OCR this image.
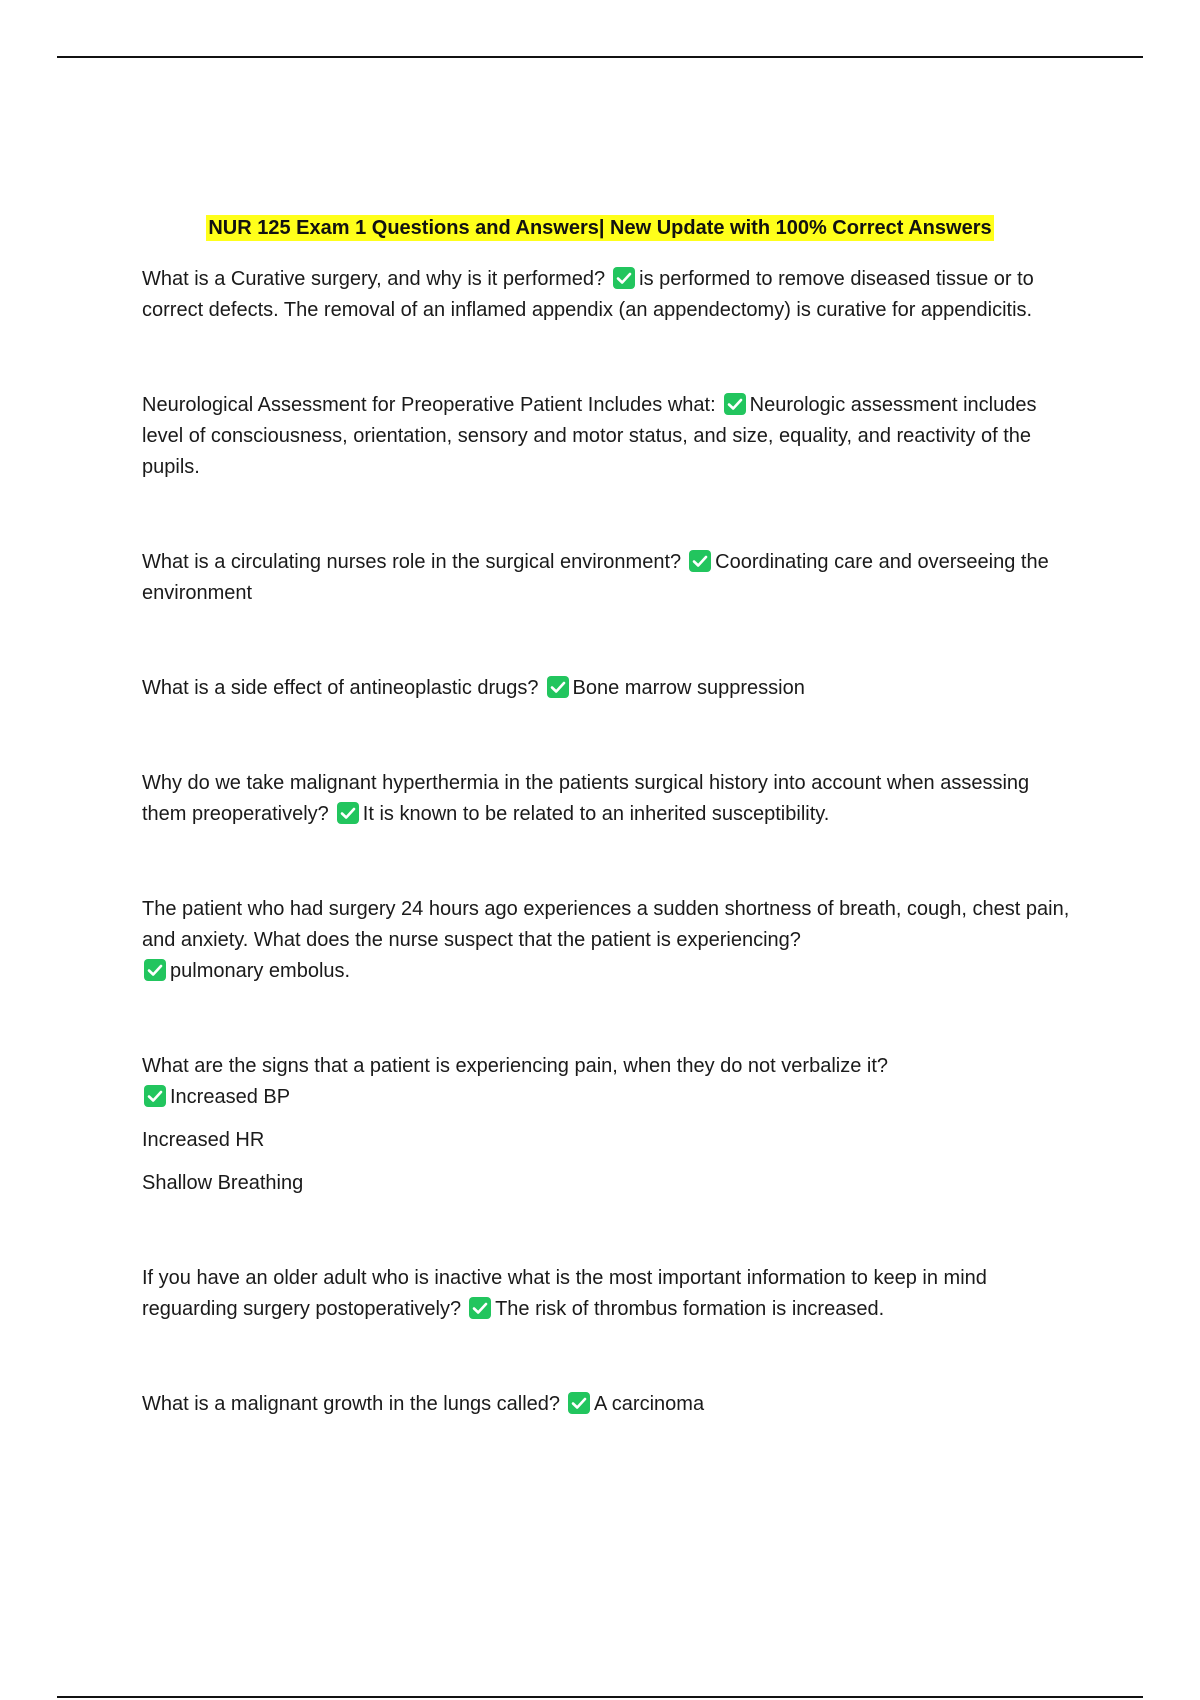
NUR 125 Exam 1 Questions and Answers| New Update with 100% Correct Answers

What is a Curative surgery, and why is it performed? is performed to remove diseased tissue or to correct defects. The removal of an inflamed appendix (an appendectomy) is curative for appendicitis.

Neurological Assessment for Preoperative Patient Includes what: Neurologic assessment includes level of consciousness, orientation, sensory and motor status, and size, equality, and reactivity of the pupils.

What is a circulating nurses role in the surgical environment? Coordinating care and overseeing the environment

What is a side effect of antineoplastic drugs? Bone marrow suppression

Why do we take malignant hyperthermia in the patients surgical history into account when assessing them preoperatively? It is known to be related to an inherited susceptibility.

The patient who had surgery 24 hours ago experiences a sudden shortness of breath, cough, chest pain, and anxiety. What does the nurse suspect that the patient is experiencing?

pulmonary embolus.

What are the signs that a patient is experiencing pain, when they do not verbalize it?

Increased BP

Increased HR

Shallow Breathing

If you have an older adult who is inactive what is the most important information to keep in mind reguarding surgery postoperatively? The risk of thrombus formation is increased.

What is a malignant growth in the lungs called? A carcinoma
